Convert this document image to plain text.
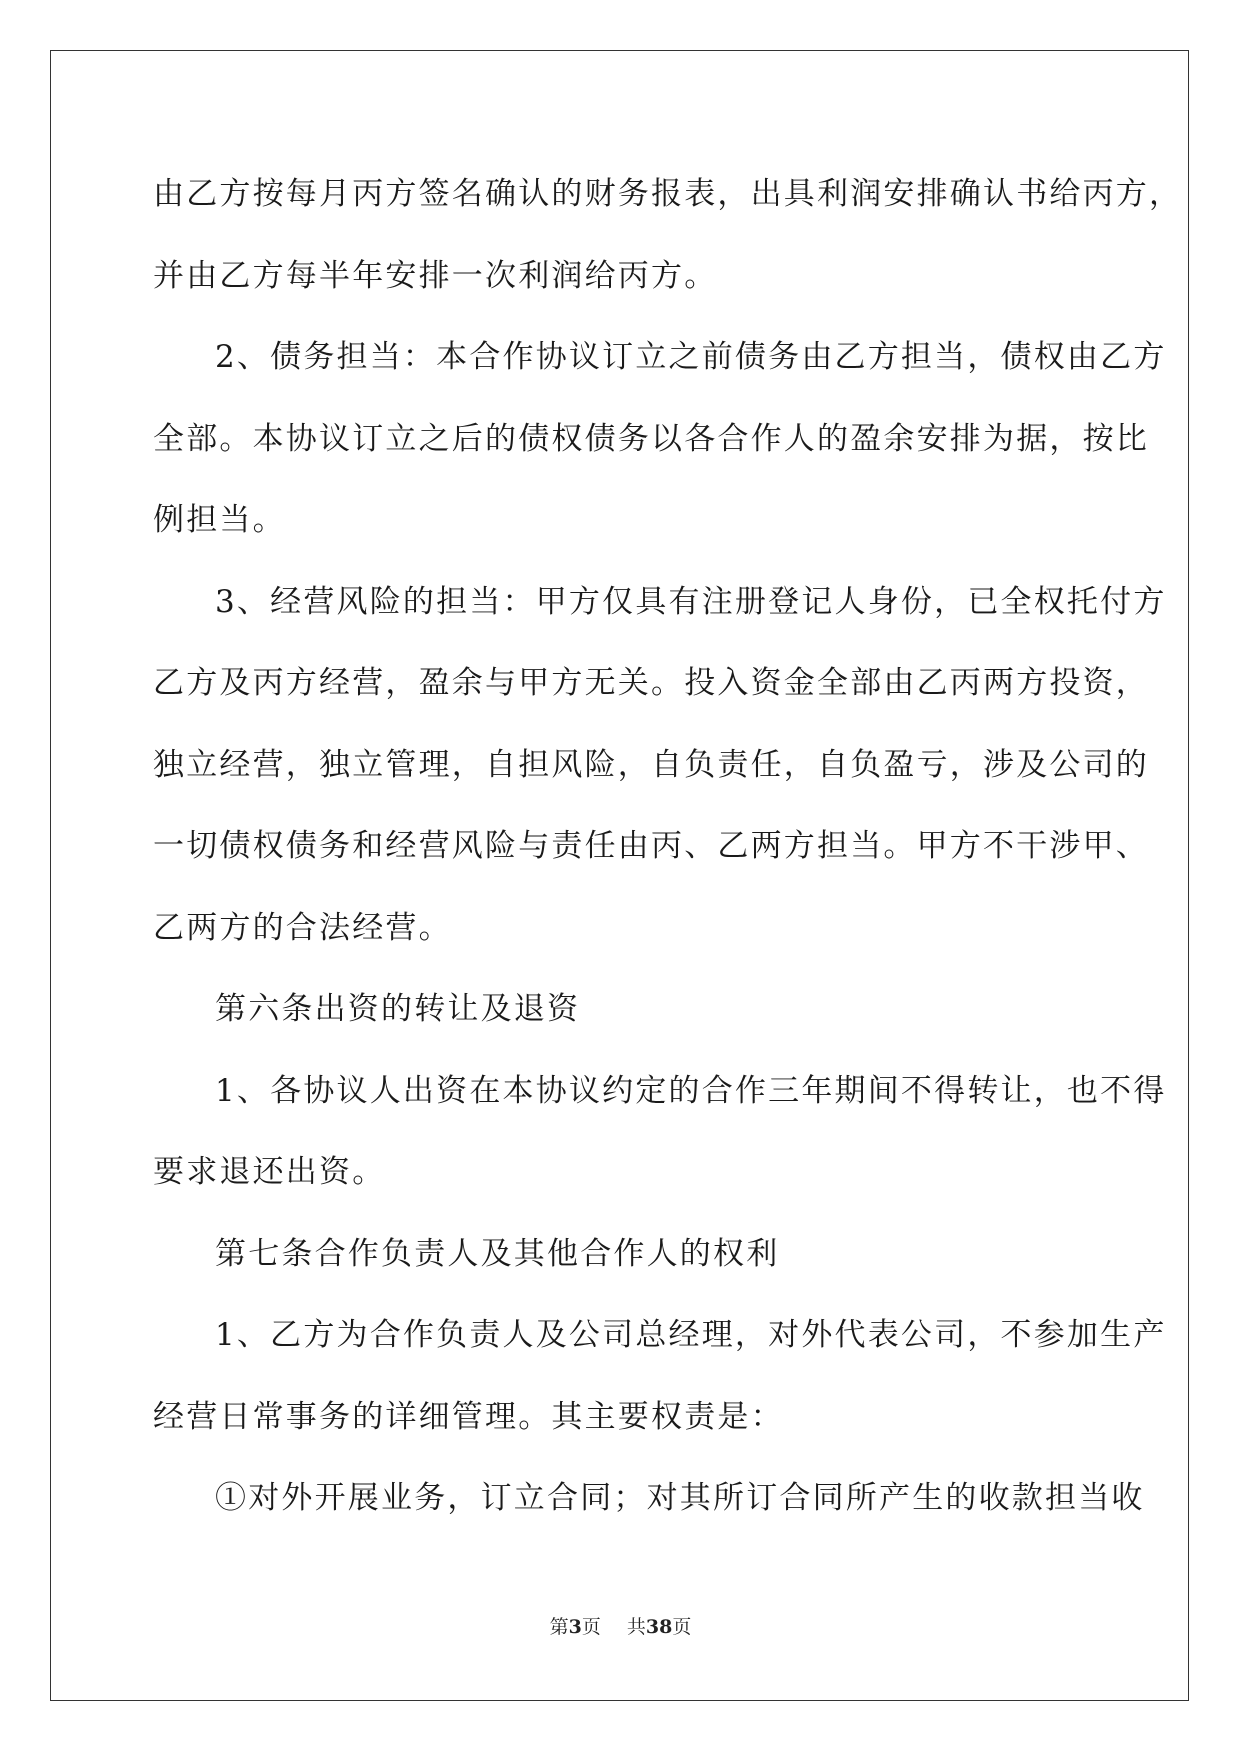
由乙方按每月丙方签名确认的财务报表，出具利润安排确认书给丙方，
并由乙方每半年安排一次利润给丙方。
2、债务担当：本合作协议订立之前债务由乙方担当，债权由乙方
全部。本协议订立之后的债权债务以各合作人的盈余安排为据，按比
例担当。
3、经营风险的担当：甲方仅具有注册登记人身份，已全权托付方
乙方及丙方经营，盈余与甲方无关。投入资金全部由乙丙两方投资，
独立经营，独立管理，自担风险，自负责任，自负盈亏，涉及公司的
一切债权债务和经营风险与责任由丙、乙两方担当。甲方不干涉甲、
乙两方的合法经营。
第六条出资的转让及退资
1、各协议人出资在本协议约定的合作三年期间不得转让，也不得
要求退还出资。
第七条合作负责人及其他合作人的权利
1、乙方为合作负责人及公司总经理，对外代表公司，不参加生产
经营日常事务的详细管理。其主要权责是：
①对外开展业务，订立合同；对其所订合同所产生的收款担当收
第3页 共38页
